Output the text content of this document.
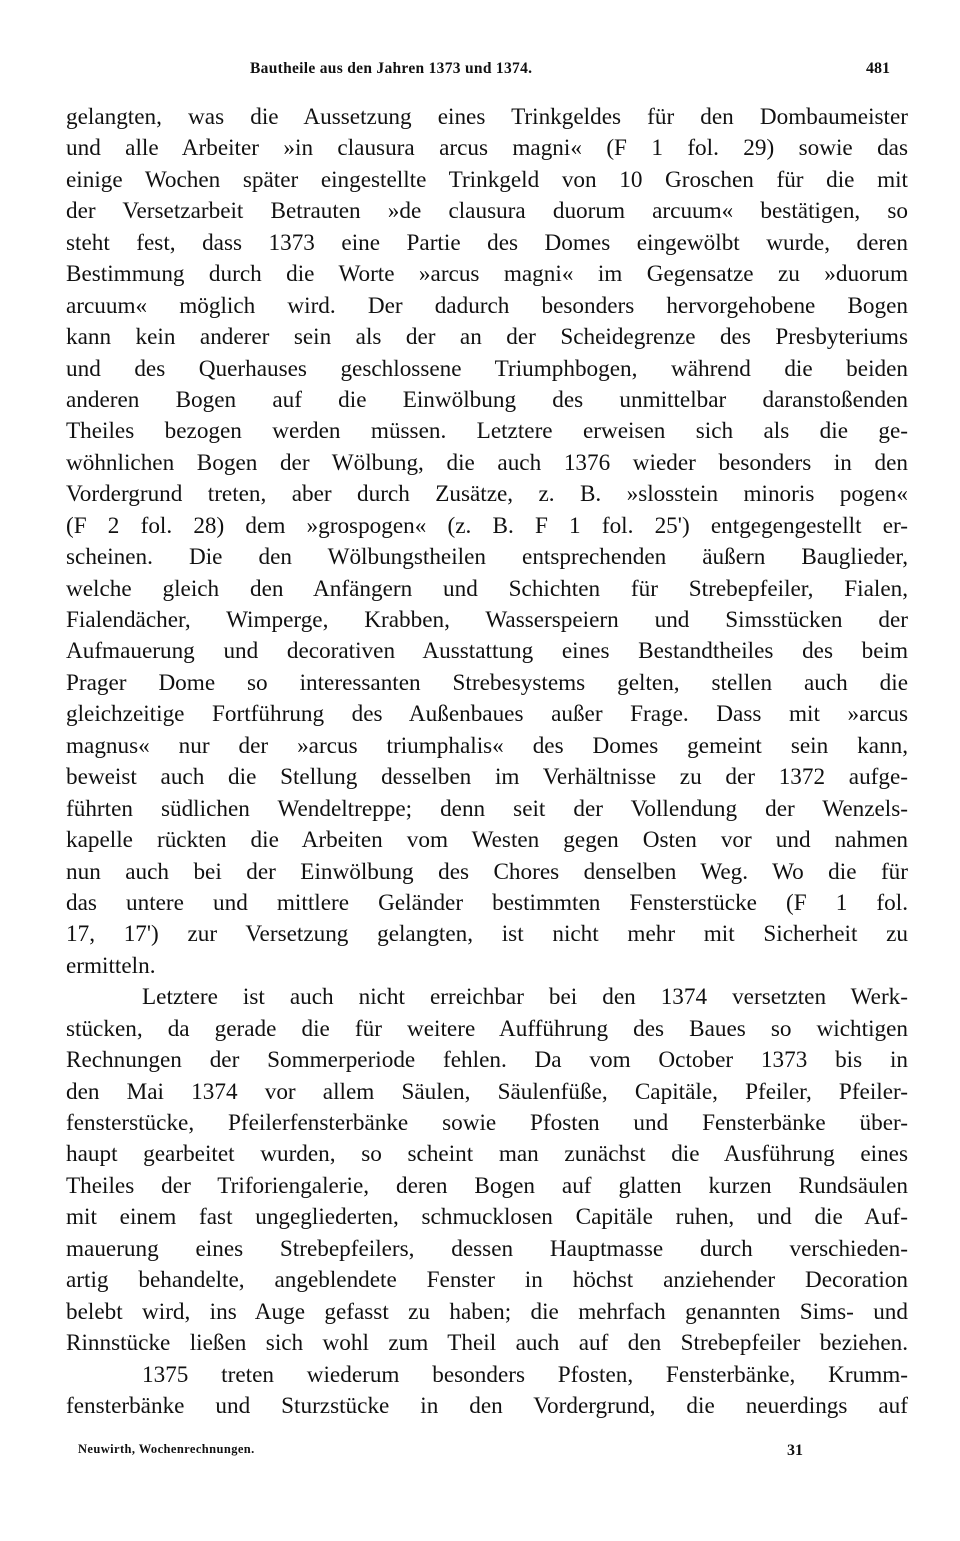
Bautheile aus den Jahren 1373 und 1374.	481
gelangten, was die Aussetzung eines Trinkgeldes für den Dombaumeister
und alle Arbeiter »in clausura arcus magni« (F 1 fol. 29) sowie das
einige Wochen später eingestellte Trinkgeld von 10 Groschen für die mit
der Versetzarbeit Betrauten »de clausura duorum arcuum« bestätigen, so
steht fest, dass 1373 eine Partie des Domes eingewölbt wurde, deren
Bestimmung durch die Worte »arcus magni« im Gegensatze zu »duorum
arcuum« möglich wird. Der dadurch besonders hervorgehobene Bogen
kann kein anderer sein als der an der Scheidegrenze des Presbyteriums
und des Querhauses geschlossene Triumphbogen, während die beiden
anderen Bogen auf die Einwölbung des unmittelbar daranstoßenden
Theiles bezogen werden müssen. Letztere erweisen sich als die ge-
wöhnlichen Bogen der Wölbung, die auch 1376 wieder besonders in den
Vordergrund treten, aber durch Zusätze, z. B. »slosstein minoris pogen«
(F 2 fol. 28) dem »grospogen« (z. B. F 1 fol. 25') entgegengestellt er-
scheinen. Die den Wölbungstheilen entsprechenden äußern Bauglieder,
welche gleich den Anfängern und Schichten für Strebepfeiler, Fialen,
Fialendächer, Wimperge, Krabben, Wasserspeiern und Simsstücken der
Aufmauerung und decorativen Ausstattung eines Bestandtheiles des beim
Prager Dome so interessanten Strebesystems gelten, stellen auch die
gleichzeitige Fortführung des Außenbaues außer Frage. Dass mit »arcus
magnus« nur der »arcus triumphalis« des Domes gemeint sein kann,
beweist auch die Stellung desselben im Verhältnisse zu der 1372 aufge-
führten südlichen Wendeltreppe; denn seit der Vollendung der Wenzels-
kapelle rückten die Arbeiten vom Westen gegen Osten vor und nahmen
nun auch bei der Einwölbung des Chores denselben Weg. Wo die für
das untere und mittlere Geländer bestimmten Fensterstücke (F 1 fol.
17, 17') zur Versetzung gelangten, ist nicht mehr mit Sicherheit zu
ermitteln.
Letztere ist auch nicht erreichbar bei den 1374 versetzten Werk-
stücken, da gerade die für weitere Aufführung des Baues so wichtigen
Rechnungen der Sommerperiode fehlen. Da vom October 1373 bis in
den Mai 1374 vor allem Säulen, Säulenfüße, Capitäle, Pfeiler, Pfeiler-
fensterstücke, Pfeilerfensterbänke sowie Pfosten und Fensterbänke über-
haupt gearbeitet wurden, so scheint man zunächst die Ausführung eines
Theiles der Triforiengalerie, deren Bogen auf glatten kurzen Rundsäulen
mit einem fast ungegliederten, schmucklosen Capitäle ruhen, und die Auf-
mauerung eines Strebepfeilers, dessen Hauptmasse durch verschieden-
artig behandelte, angeblendete Fenster in höchst anziehender Decoration
belebt wird, ins Auge gefasst zu haben; die mehrfach genannten Sims- und
Rinnstücke ließen sich wohl zum Theil auch auf den Strebepfeiler beziehen.
1375 treten wiederum besonders Pfosten, Fensterbänke, Krumm-
fensterbänke und Sturzstücke in den Vordergrund, die neuerdings auf
Neuwirth, Wochenrechnungen.	31
